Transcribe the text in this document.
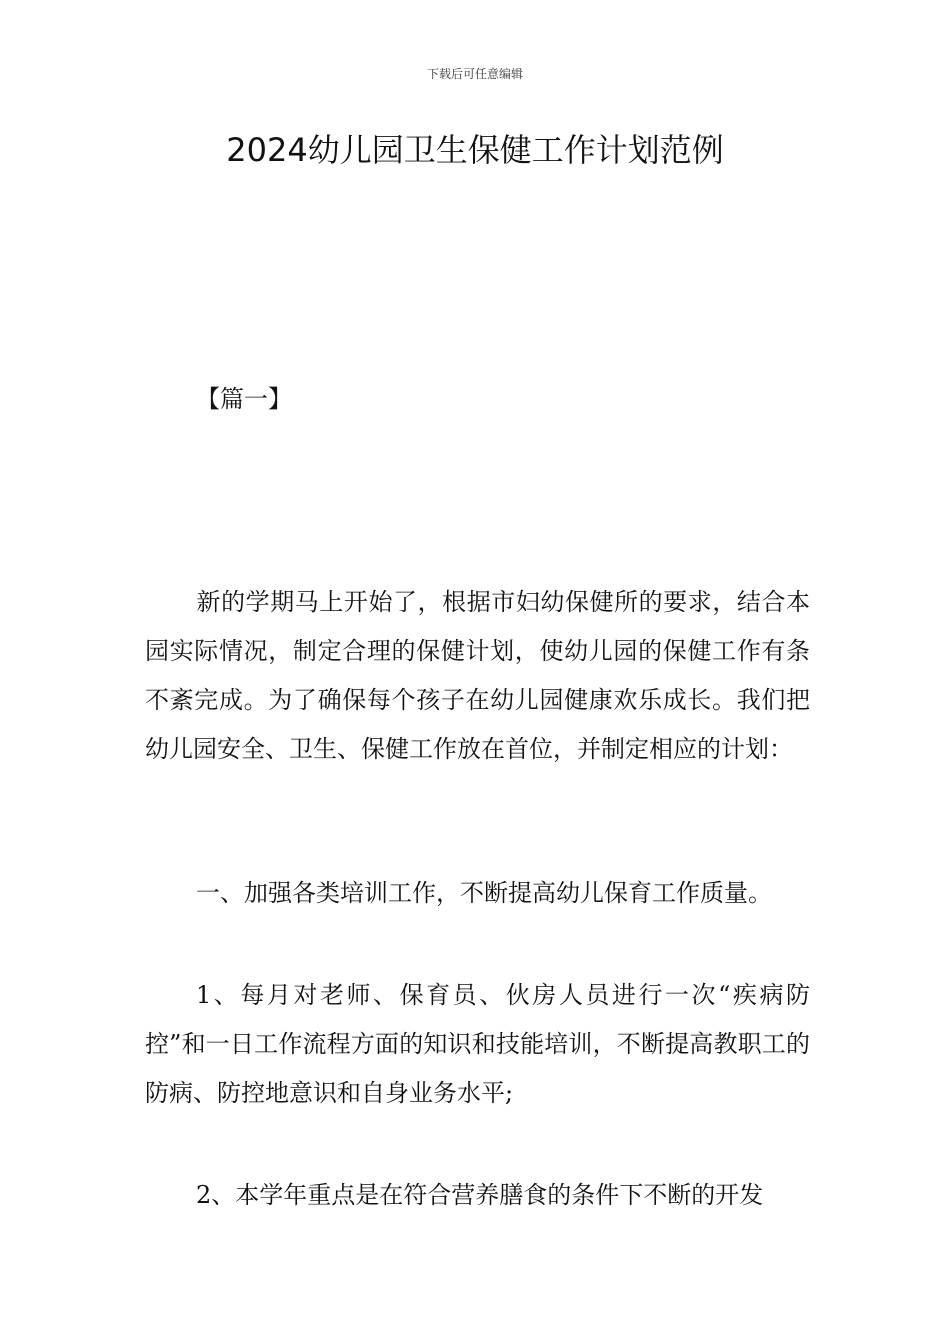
下载后可任意编辑
2024幼儿园卫生保健工作计划范例
【篇一】
新的学期马上开始了，根据市妇幼保健所的要求，结合本园实际情况，制定合理的保健计划，使幼儿园的保健工作有条不紊完成。为了确保每个孩子在幼儿园健康欢乐成长。我们把幼儿园安全、卫生、保健工作放在首位，并制定相应的计划：
一、加强各类培训工作，不断提高幼儿保育工作质量。
1、每月对老师、保育员、伙房人员进行一次“疾病防控”和一日工作流程方面的知识和技能培训，不断提高教职工的防病、防控地意识和自身业务水平;
2、本学年重点是在符合营养膳食的条件下不断的开发
